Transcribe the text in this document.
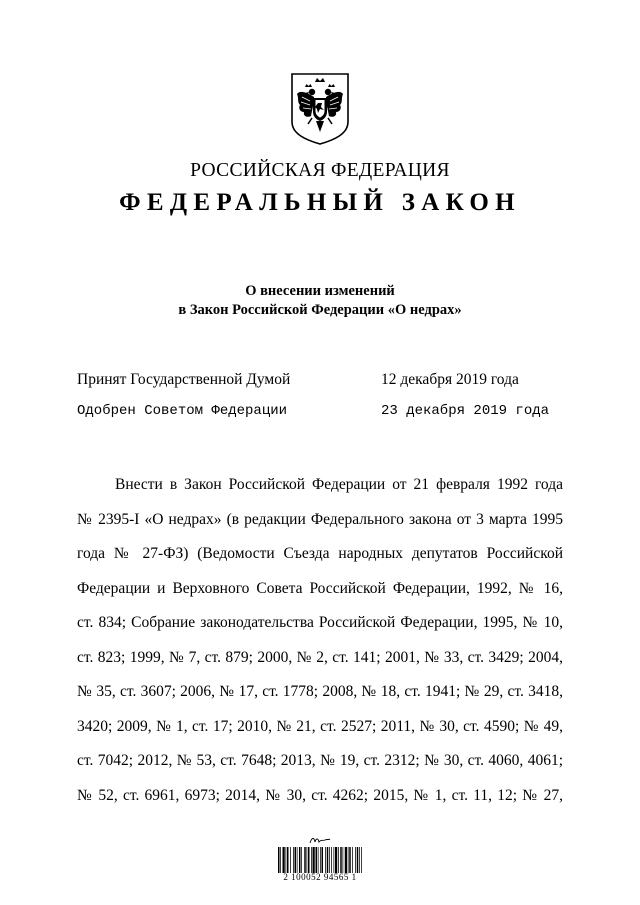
РОССИЙСКАЯ ФЕДЕРАЦИЯ
ФЕДЕРАЛЬНЫЙ ЗАКОН
О внесении изменений
в Закон Российской Федерации «О недрах»
Принят Государственной Думой	12 декабря 2019 года
Одобрен Советом Федерации	23 декабря 2019 года
Внести в Закон Российской Федерации от 21 февраля 1992 года
№ 2395-I «О недрах» (в редакции Федерального закона от 3 марта 1995
года № 27-ФЗ) (Ведомости Съезда народных депутатов Российской
Федерации и Верховного Совета Российской Федерации, 1992, № 16,
ст. 834; Собрание законодательства Российской Федерации, 1995, № 10,
ст. 823; 1999, № 7, ст. 879; 2000, № 2, ст. 141; 2001, № 33, ст. 3429; 2004,
№ 35, ст. 3607; 2006, № 17, ст. 1778; 2008, № 18, ст. 1941; № 29, ст. 3418,
3420; 2009, № 1, ст. 17; 2010, № 21, ст. 2527; 2011, № 30, ст. 4590; № 49,
ст. 7042; 2012, № 53, ст. 7648; 2013, № 19, ст. 2312; № 30, ст. 4060, 4061;
№ 52, ст. 6961, 6973; 2014, № 30, ст. 4262; 2015, № 1, ст. 11, 12; № 27,
2 100052 94565 1
